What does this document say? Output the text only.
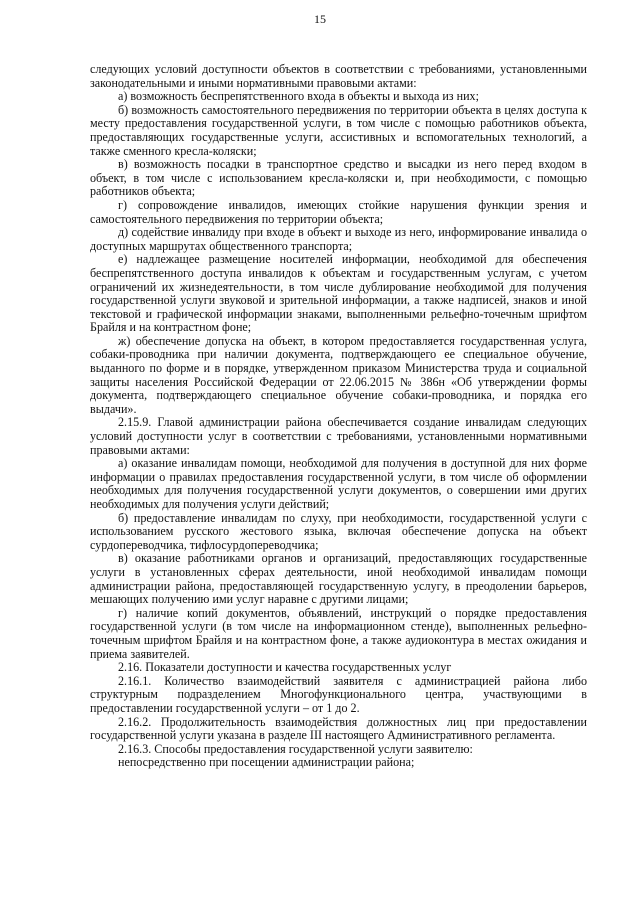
15

следующих условий доступности объектов в соответствии с требованиями, установленными законодательными и иными нормативными правовыми актами:

а) возможность беспрепятственного входа в объекты и выхода из них;

б) возможность самостоятельного передвижения по территории объекта в целях доступа к месту предоставления государственной услуги, в том числе с помощью работников объекта, предоставляющих государственные услуги, ассистивных и вспомогательных технологий, а также сменного кресла-коляски;

в) возможность посадки в транспортное средство и высадки из него перед входом в объект, в том числе с использованием кресла-коляски и, при необходимости, с помощью работников объекта;

г) сопровождение инвалидов, имеющих стойкие нарушения функции зрения и самостоятельного передвижения по территории объекта;

д) содействие инвалиду при входе в объект и выходе из него, информирование инвалида о доступных маршрутах общественного транспорта;

е) надлежащее размещение носителей информации, необходимой для обеспечения беспрепятственного доступа инвалидов к объектам и государственным услугам, с учетом ограничений их жизнедеятельности, в том числе дублирование необходимой для получения государственной услуги звуковой и зрительной информации, а также надписей, знаков и иной текстовой и графической информации знаками, выполненными рельефно-точечным шрифтом Брайля и на контрастном фоне;

ж) обеспечение допуска на объект, в котором предоставляется государственная услуга, собаки-проводника при наличии документа, подтверждающего ее специальное обучение, выданного по форме и в порядке, утвержденном приказом Министерства труда и социальной защиты населения Российской Федерации от 22.06.2015 № 386н «Об утверждении формы документа, подтверждающего специальное обучение собаки-проводника, и порядка его выдачи».

2.15.9. Главой администрации района обеспечивается создание инвалидам следующих условий доступности услуг в соответствии с требованиями, установленными нормативными правовыми актами:

а) оказание инвалидам помощи, необходимой для получения в доступной для них форме информации о правилах предоставления государственной услуги, в том числе об оформлении необходимых для получения государственной услуги документов, о совершении ими других необходимых для получения услуги действий;

б) предоставление инвалидам по слуху, при необходимости, государственной услуги с использованием русского жестового языка, включая обеспечение допуска на объект сурдопереводчика, тифлосурдопереводчика;

в) оказание работниками органов и организаций, предоставляющих государственные услуги в установленных сферах деятельности, иной необходимой инвалидам помощи администрации района, предоставляющей государственную услугу, в преодолении барьеров, мешающих получению ими услуг наравне с другими лицами;

г) наличие копий документов, объявлений, инструкций о порядке предоставления государственной услуги (в том числе на информационном стенде), выполненных рельефно-точечным шрифтом Брайля и на контрастном фоне, а также аудиоконтура в местах ожидания и приема заявителей.

2.16. Показатели доступности и качества государственных услуг

2.16.1. Количество взаимодействий заявителя с администрацией района либо структурным подразделением Многофункционального центра, участвующими в предоставлении государственной услуги – от 1 до 2.

2.16.2. Продолжительность взаимодействия должностных лиц при предоставлении государственной услуги указана в разделе III настоящего Административного регламента.

2.16.3. Способы предоставления государственной услуги заявителю:

непосредственно при посещении администрации района;
